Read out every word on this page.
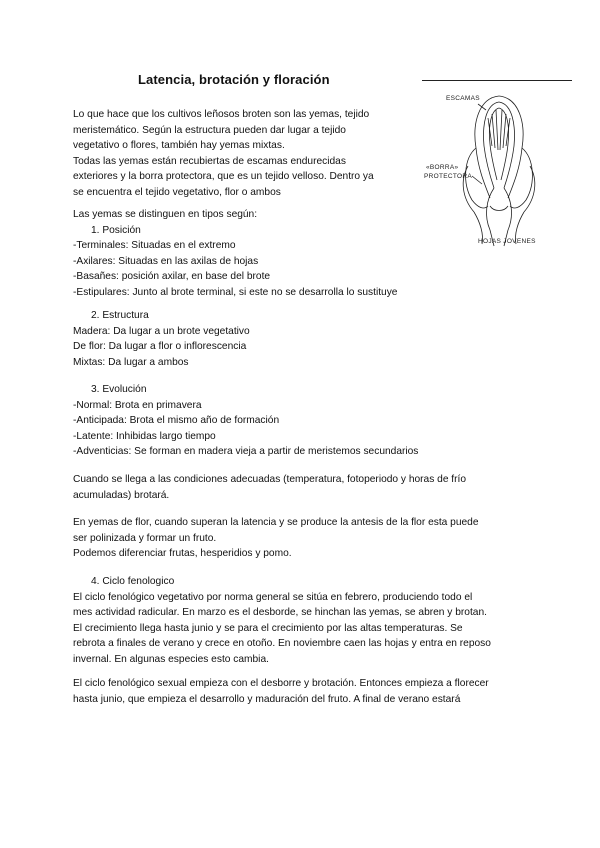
Latencia, brotación y floración
ESCAMAS
«BORRA»
PROTECTORA
HOJAS JOVENES

Lo que hace que los cultivos leñosos broten son las yemas, tejido

meristemático. Según la estructura pueden dar lugar a tejido

vegetativo o flores, también hay yemas mixtas.

Todas las yemas están recubiertas de escamas endurecidas

exteriores y la borra protectora, que es un tejido velloso. Dentro ya

se encuentra el tejido vegetativo, flor o ambos

Las yemas se distinguen en tipos según:

1. Posición

-Terminales: Situadas en el extremo

-Axilares: Situadas en las axilas de hojas

-Basañes: posición axilar, en base del brote

-Estipulares: Junto al brote terminal, si este no se desarrolla lo sustituye

2. Estructura

Madera: Da lugar a un brote vegetativo

De flor: Da lugar a flor o inflorescencia

Mixtas: Da lugar a ambos

3. Evolución

-Normal: Brota en primavera

-Anticipada: Brota el mismo año de formación

-Latente: Inhibidas largo tiempo

-Adventicias: Se forman en madera vieja a partir de meristemos secundarios

Cuando se llega a las condiciones adecuadas (temperatura, fotoperiodo y horas de frío

acumuladas) brotará.

En yemas de flor, cuando superan la latencia y se produce la antesis de la flor esta puede

ser polinizada y formar un fruto.

Podemos diferenciar frutas, hesperidios y pomo.

4. Ciclo fenologico

El ciclo fenológico vegetativo por norma general se sitúa en febrero, produciendo todo el

mes actividad radicular. En marzo es el desborde, se hinchan las yemas, se abren y brotan.

El crecimiento llega hasta junio y se para el crecimiento por las altas temperaturas. Se

rebrota a finales de verano y crece en otoño. En noviembre caen las hojas y entra en reposo

invernal. En algunas especies esto cambia.

El ciclo fenológico sexual empieza con el desborre y brotación. Entonces empieza a florecer

hasta junio, que empieza el desarrollo y maduración del fruto. A final de verano estará
